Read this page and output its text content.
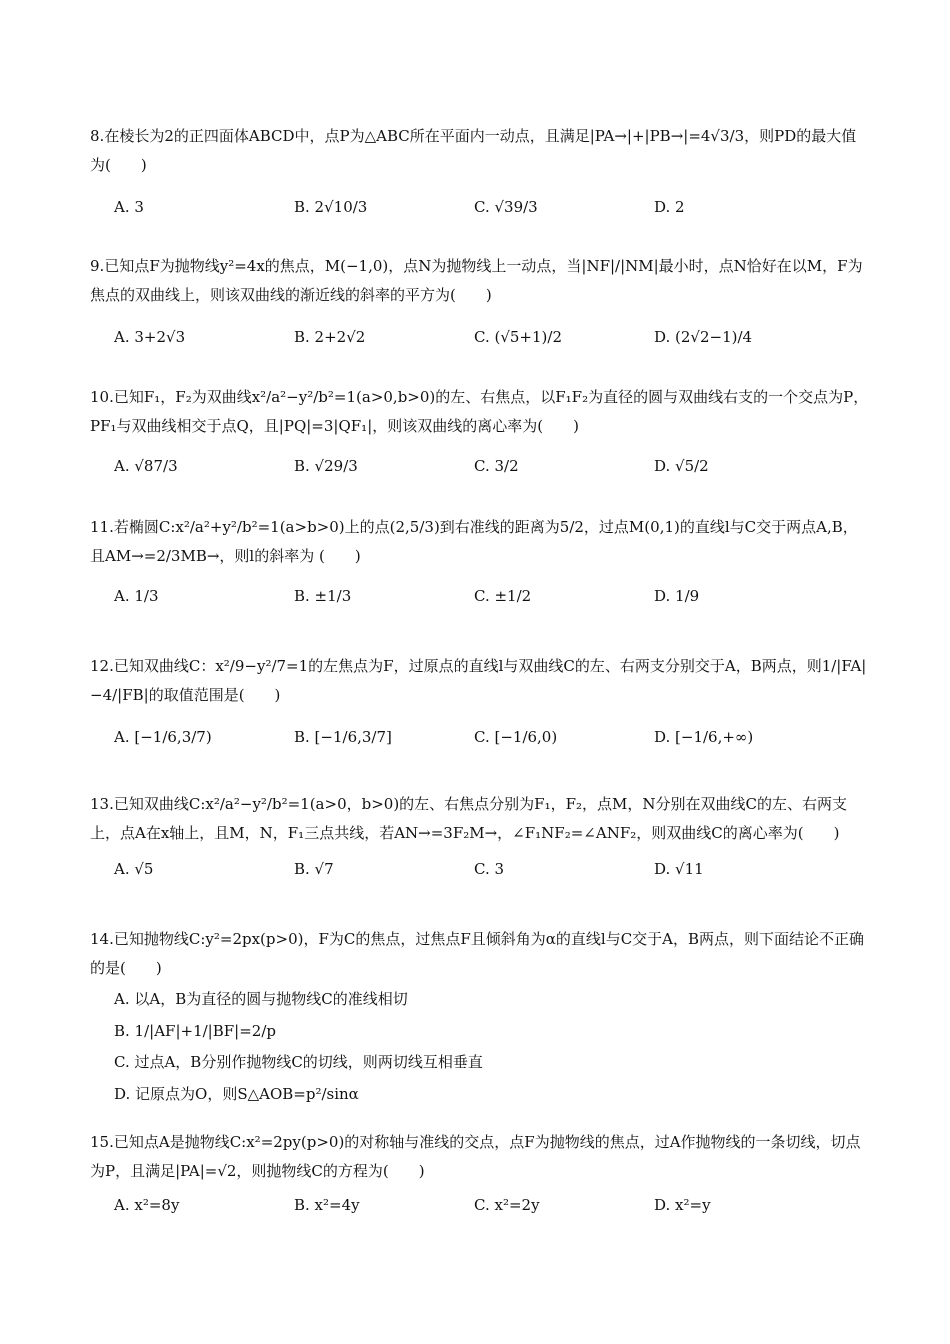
8.在棱长为2的正四面体ABCD中，点P为△ABC所在平面内一动点，且满足|PA→|+|PB→|=4√3/3，则PD的最大值为(　　)
A. 3	B. 2√10/3	C. √39/3	D. 2
9.已知点F为抛物线y²=4x的焦点，M(−1,0)，点N为抛物线上一动点，当|NF|/|NM|最小时，点N恰好在以M，F为焦点的双曲线上，则该双曲线的渐近线的斜率的平方为(　　)
A. 3+2√3	B. 2+2√2	C. (√5+1)/2	D. (2√2−1)/4
10.已知F₁，F₂为双曲线x²/a²−y²/b²=1(a>0,b>0)的左、右焦点，以F₁F₂为直径的圆与双曲线右支的一个交点为P，PF₁与双曲线相交于点Q，且|PQ|=3|QF₁|，则该双曲线的离心率为(　　)
A. √87/3	B. √29/3	C. 3/2	D. √5/2
11.若椭圆C:x²/a²+y²/b²=1(a>b>0)上的点(2,5/3)到右准线的距离为5/2，过点M(0,1)的直线l与C交于两点A,B，且AM→=2/3MB→，则l的斜率为 (　　)
A. 1/3	B. ±1/3	C. ±1/2	D. 1/9
12.已知双曲线C：x²/9−y²/7=1的左焦点为F，过原点的直线l与双曲线C的左、右两支分别交于A，B两点，则1/|FA|−4/|FB|的取值范围是(　　)
A. [−1/6,3/7)	B. [−1/6,3/7]	C. [−1/6,0)	D. [−1/6,+∞)
13.已知双曲线C:x²/a²−y²/b²=1(a>0，b>0)的左、右焦点分别为F₁，F₂，点M，N分别在双曲线C的左、右两支上，点A在x轴上，且M，N，F₁三点共线，若AN→=3F₂M→，∠F₁NF₂=∠ANF₂，则双曲线C的离心率为(　　)
A. √5	B. √7	C. 3	D. √11
14.已知抛物线C:y²=2px(p>0)，F为C的焦点，过焦点F且倾斜角为α的直线l与C交于A，B两点，则下面结论不正确的是(　　)
A. 以A，B为直径的圆与抛物线C的准线相切
B. 1/|AF|+1/|BF|=2/p
C. 过点A，B分别作抛物线C的切线，则两切线互相垂直
D. 记原点为O，则S△AOB=p²/sinα
15.已知点A是抛物线C:x²=2py(p>0)的对称轴与准线的交点，点F为抛物线的焦点，过A作抛物线的一条切线，切点为P，且满足|PA|=√2，则抛物线C的方程为(　　)
A. x²=8y	B. x²=4y	C. x²=2y	D. x²=y
